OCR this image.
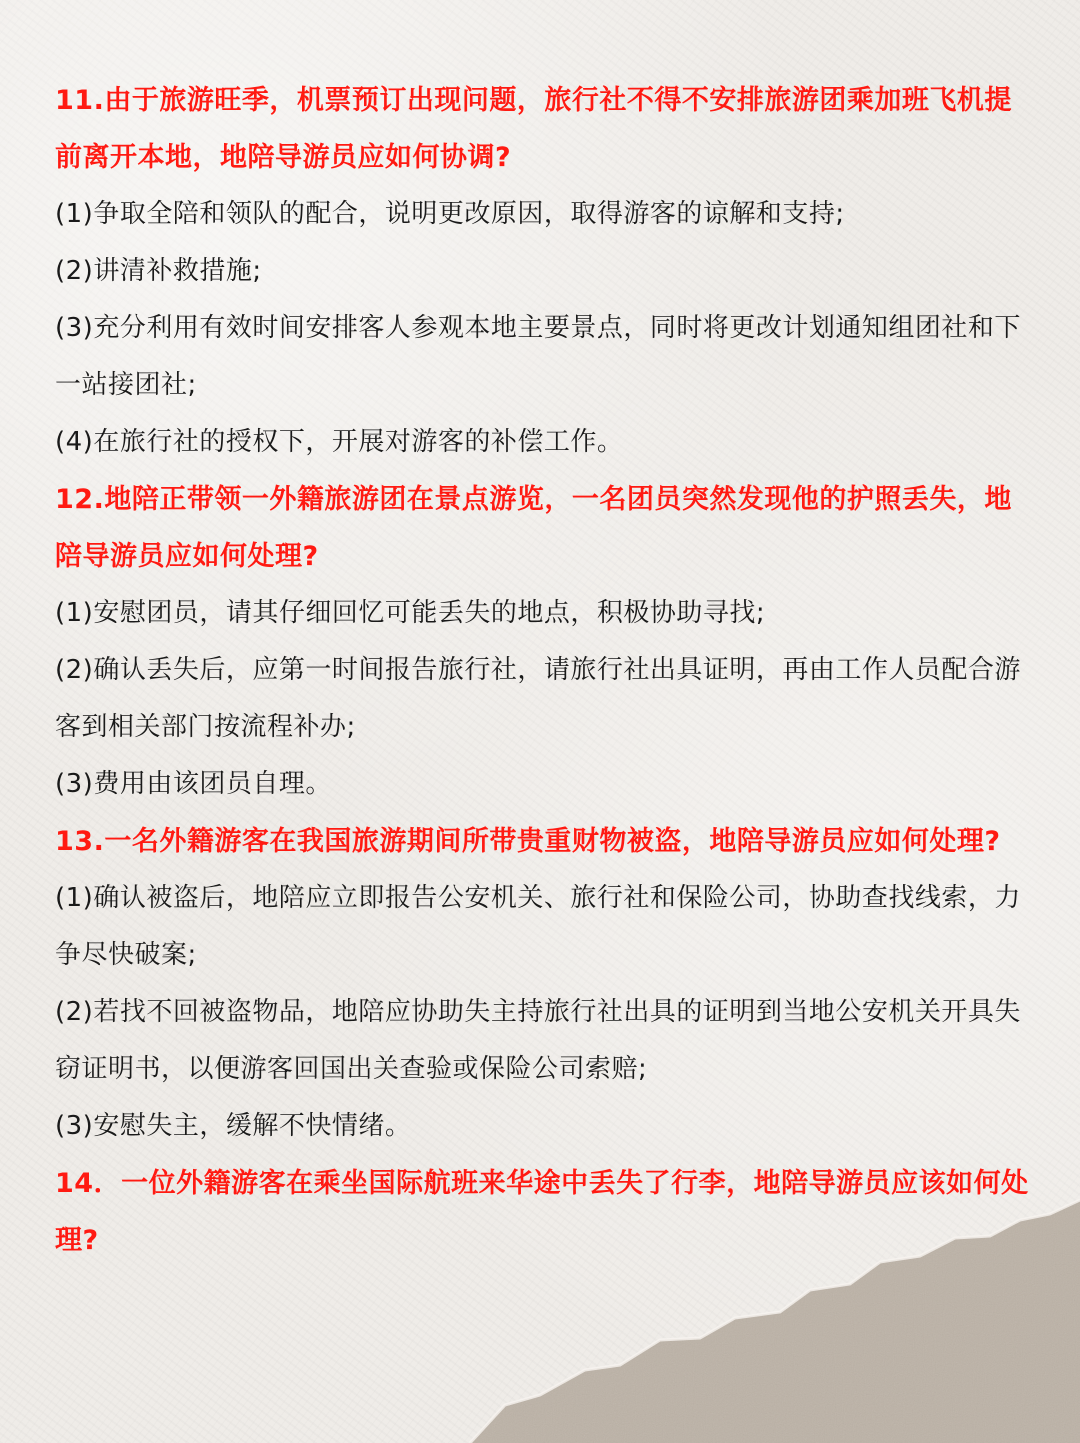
11.由于旅游旺季，机票预订出现问题，旅行社不得不安排旅游团乘加班飞机提前离开本地，地陪导游员应如何协调?

(1)争取全陪和领队的配合，说明更改原因，取得游客的谅解和支持;

(2)讲清补救措施;

(3)充分利用有效时间安排客人参观本地主要景点，同时将更改计划通知组团社和下一站接团社;

(4)在旅行社的授权下，开展对游客的补偿工作。

12.地陪正带领一外籍旅游团在景点游览，一名团员突然发现他的护照丢失，地陪导游员应如何处理?

(1)安慰团员，请其仔细回忆可能丢失的地点，积极协助寻找;

(2)确认丢失后，应第一时间报告旅行社，请旅行社出具证明，再由工作人员配合游客到相关部门按流程补办;

(3)费用由该团员自理。

13.一名外籍游客在我国旅游期间所带贵重财物被盗，地陪导游员应如何处理?

(1)确认被盗后，地陪应立即报告公安机关、旅行社和保险公司，协助查找线索，力争尽快破案;

(2)若找不回被盗物品，地陪应协助失主持旅行社出具的证明到当地公安机关开具失窃证明书，以便游客回国出关查验或保险公司索赔;

(3)安慰失主，缓解不快情绪。

14．一位外籍游客在乘坐国际航班来华途中丢失了行李，地陪导游员应该如何处理?
